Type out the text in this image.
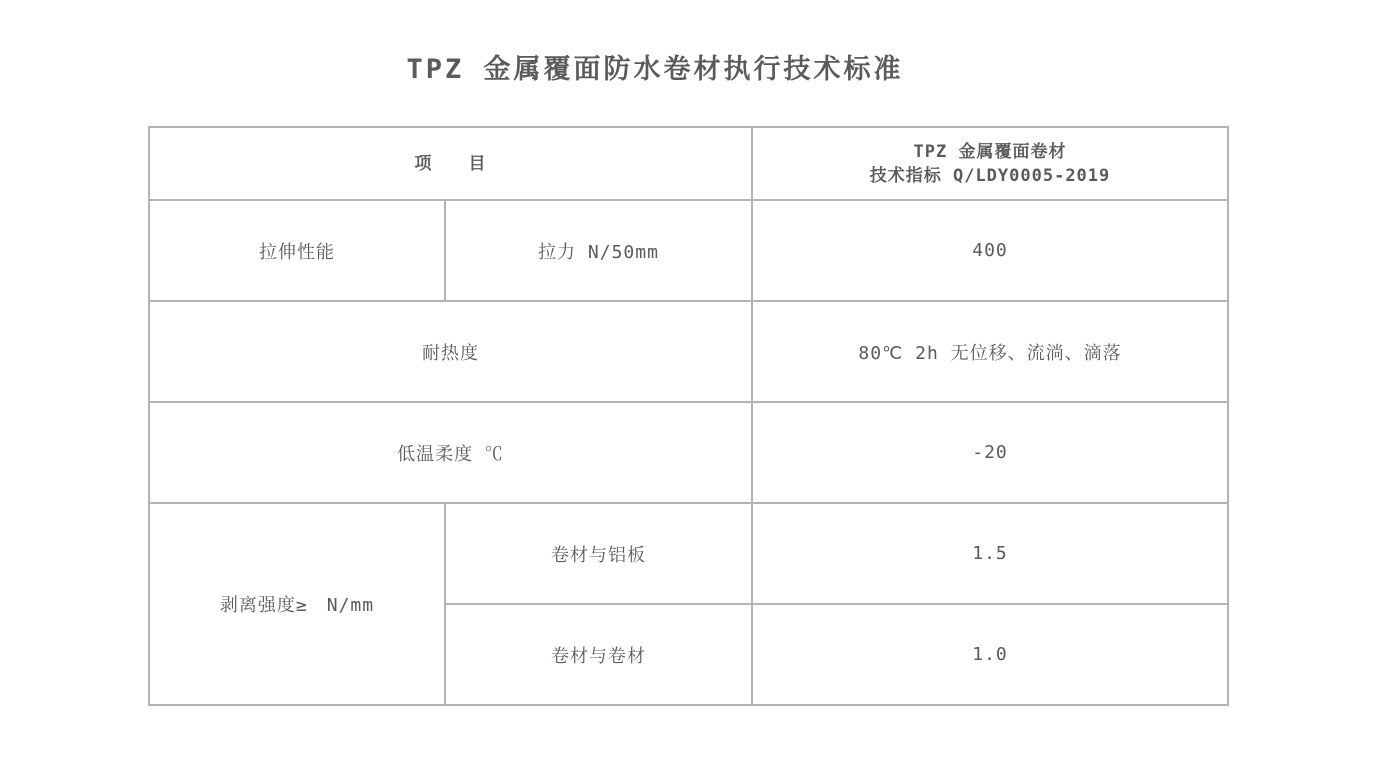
TPZ 金属覆面防水卷材执行技术标准
项　　目		TPZ 金属覆面卷材
技术指标 Q/LDY0005-2019

拉伸性能	拉力 N/50mm	400
耐热度		80℃ 2h 无位移、流淌、滴落
低温柔度 ℃		-20
剥离强度≥　N/mm	卷材与铝板	1.5
	卷材与卷材	1.0
